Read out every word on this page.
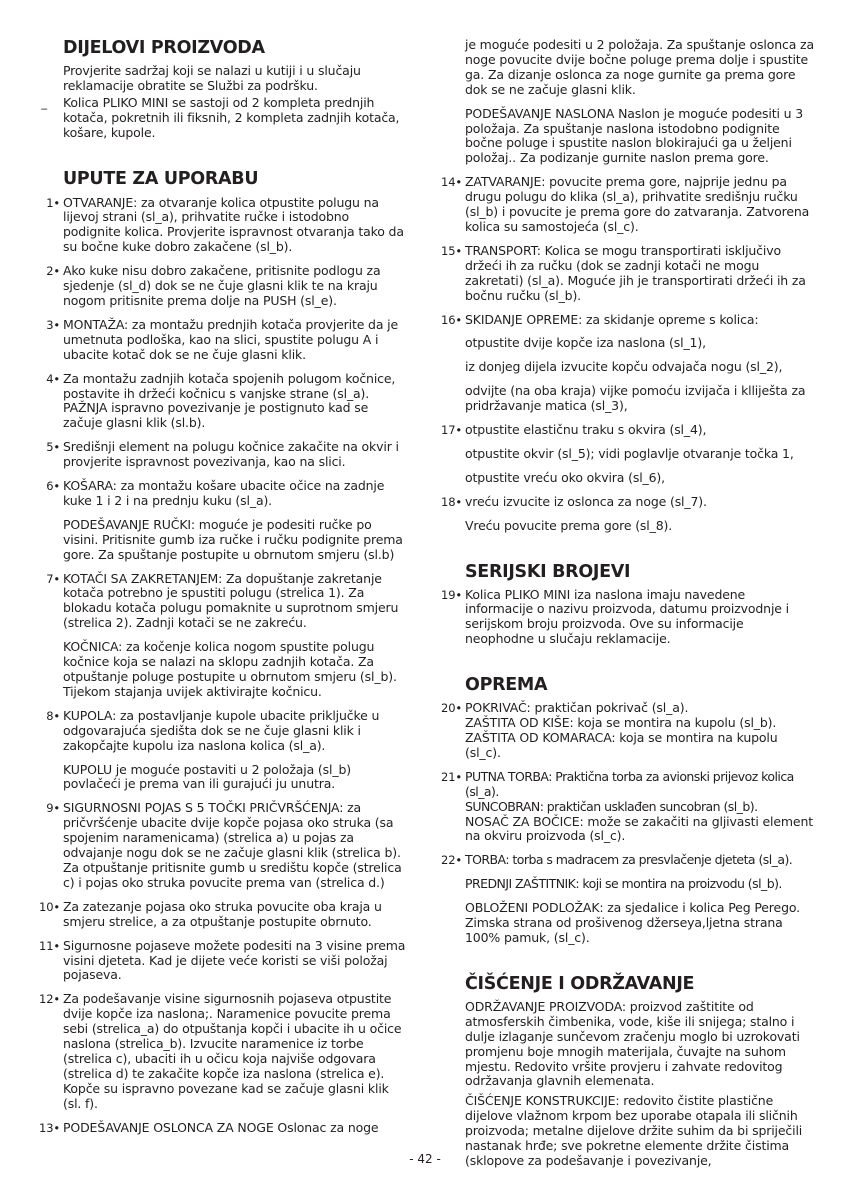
DIJELOVI PROIZVODA
Provjerite sadržaj koji se nalazi u kutiji i u slučaju reklamacije obratite se Službi za podršku.
_ Kolica PLIKO MINI se sastoji od 2 kompleta prednjih kotača, pokretnih ili fiksnih, 2 kompleta zadnjih kotača, košare, kupole.
UPUTE ZA UPORABU
1• OTVARANJE: za otvaranje kolica otpustite polugu na lijevoj strani (sl_a), prihvatite ručke i istodobno podignite kolica. Provjerite ispravnost otvaranja tako da su bočne kuke dobro zakačene (sl_b).
2• Ako kuke nisu dobro zakačene, pritisnite podlogu za sjedenje (sl_d) dok se ne čuje glasni klik te na kraju nogom pritisnite prema dolje na PUSH (sl_e).
3• MONTAŽA: za montažu prednjih kotača provjerite da je umetnuta podloška, kao na slici, spustite polugu A i ubacite kotač dok se ne čuje glasni klik.
4• Za montažu zadnjih kotača spojenih polugom kočnice, postavite ih držeći kočnicu s vanjske strane (sl_a). PAŽNJA ispravno povezivanje je postignuto kad se začuje glasni klik (sl.b).
5• Središnji element na polugu kočnice zakačite na okvir i provjerite ispravnost povezivanja, kao na slici.
6• KOŠARA: za montažu košare ubacite očice na zadnje kuke 1 i 2 i na prednju kuku (sl_a).
PODEŠAVANJE RUČKI: moguće je podesiti ručke po visini. Pritisnite gumb iza ručke i ručku podignite prema gore. Za spuštanje postupite u obrnutom smjeru (sl.b)
7• KOTAČI SA ZAKRETANJEM: Za dopuštanje zakretanje kotača potrebno je spustiti polugu (strelica 1). Za blokadu kotača polugu pomaknite u suprotnom smjeru (strelica 2). Zadnji kotači se ne zakreću.
KOČNICA: za kočenje kolica nogom spustite polugu kočnice koja se nalazi na sklopu zadnjih kotača. Za otpuštanje poluge postupite u obrnutom smjeru (sl_b). Tijekom stajanja uvijek aktivirajte kočnicu.
8• KUPOLA: za postavljanje kupole ubacite priključke u odgovarajuća sjedišta dok se ne čuje glasni klik i zakopčajte kupolu iza naslona kolica (sl_a).
KUPOLU je moguće postaviti u 2 položaja (sl_b) povlačeći je prema van ili gurajući ju unutra.
9• SIGURNOSNI POJAS S 5 TOČKI PRIČVRŠĆENJA: za pričvršćenje ubacite dvije kopče pojasa oko struka (sa spojenim naramenicama) (strelica a) u pojas za odvajanje nogu dok se ne začuje glasni klik (strelica b). Za otpuštanje pritisnite gumb u središtu kopče (strelica c) i pojas oko struka povucite prema van (strelica d.)
10• Za zatezanje pojasa oko struka povucite oba kraja u smjeru strelice, a za otpuštanje postupite obrnuto.
11• Sigurnosne pojaseve možete podesiti na 3 visine prema visini djeteta. Kad je dijete veće koristi se viši položaj pojaseva.
12• Za podešavanje visine sigurnosnih pojaseva otpustite dvije kopče iza naslona;. Naramenice povucite prema sebi (strelica_a) do otpuštanja kopči i ubacite ih u očice naslona (strelica_b). Izvucite naramenice iz torbe (strelica c), ubaciti ih u očicu koja najviše odgovara (strelica d) te zakačite kopče iza naslona (strelica e). Kopče su ispravno povezane kad se začuje glasni klik (sl. f).
13• PODEŠAVANJE OSLONCA ZA NOGE Oslonac za noge
je moguće podesiti u 2 položaja. Za spuštanje oslonca za noge povucite dvije bočne poluge prema dolje i spustite ga. Za dizanje oslonca za noge gurnite ga prema gore dok se ne začuje glasni klik.
PODEŠAVANJE NASLONA Naslon je moguće podesiti u 3 položaja. Za spuštanje naslona istodobno podignite bočne poluge i spustite naslon blokirajući ga u željeni položaj.. Za podizanje gurnite naslon prema gore.
14• ZATVARANJE: povucite prema gore, najprije jednu pa drugu polugu do klika (sl_a), prihvatite središnju ručku (sl_b) i povucite je prema gore do zatvaranja. Zatvorena kolica su samostojeća (sl_c).
15• TRANSPORT: Kolica se mogu transportirati isključivo držeći ih za ručku (dok se zadnji kotači ne mogu zakretati) (sl_a). Moguće jih je transportirati držeći ih za bočnu ručku (sl_b).
16• SKIDANJE OPREME: za skidanje opreme s kolica:
otpustite dvije kopče iza naslona (sl_1),
iz donjeg dijela izvucite kopču odvajača nogu (sl_2),
odvijte (na oba kraja) vijke pomoću izvijača i klliješta za pridržavanje matica (sl_3),
17• otpustite elastičnu traku s okvira (sl_4),
otpustite okvir (sl_5); vidi poglavlje otvaranje točka 1,
otpustite vreću oko okvira (sl_6),
18• vreću izvucite iz oslonca za noge (sl_7).
Vreću povucite prema gore (sl_8).
SERIJSKI BROJEVI
19• Kolica PLIKO MINI iza naslona imaju navedene informacije o nazivu proizvoda, datumu proizvodnje i serijskom broju proizvoda. Ove su informacije neophodne u slučaju reklamacije.
OPREMA
20• POKRIVAČ: praktičan pokrivač (sl_a).
ZAŠTITA OD KIŠE: koja se montira na kupolu (sl_b).
ZAŠTITA OD KOMARACA: koja se montira na kupolu (sl_c).
21• PUTNA TORBA: Praktična torba za avionski prijevoz kolica (sl_a).
SUNCOBRAN: praktičan usklađen suncobran (sl_b).
NOSAČ ZA BOČICE: može se zakačiti na gljivasti element na okviru proizvoda (sl_c).
22• TORBA: torba s madracem za presvlačenje djeteta (sl_a).
PREDNJI ZAŠTITNIK: koji se montira na proizvodu (sl_b).
OBLOŽENI PODLOŽAK: za sjedalice i kolica Peg Perego. Zimska strana od prošivenog džerseya,ljetna strana 100% pamuk, (sl_c).
ČIŠĆENJE I ODRŽAVANJE
ODRŽAVANJE PROIZVODA: proizvod zaštitite od atmosferskih čimbenika, vode, kiše ili snijega; stalno i dulje izlaganje sunčevom zračenju moglo bi uzrokovati promjenu boje mnogih materijala, čuvajte na suhom mjestu. Redovito vršite provjeru i zahvate redovitog održavanja glavnih elemenata.
ČIŠĆENJE KONSTRUKCIJE: redovito čistite plastične dijelove vlažnom krpom bez uporabe otapala ili sličnih proizvoda; metalne dijelove držite suhim da bi spriječili nastanak hrđe; sve pokretne elemente držite čistima (sklopove za podešavanje i povezivanje,
- 42 -
